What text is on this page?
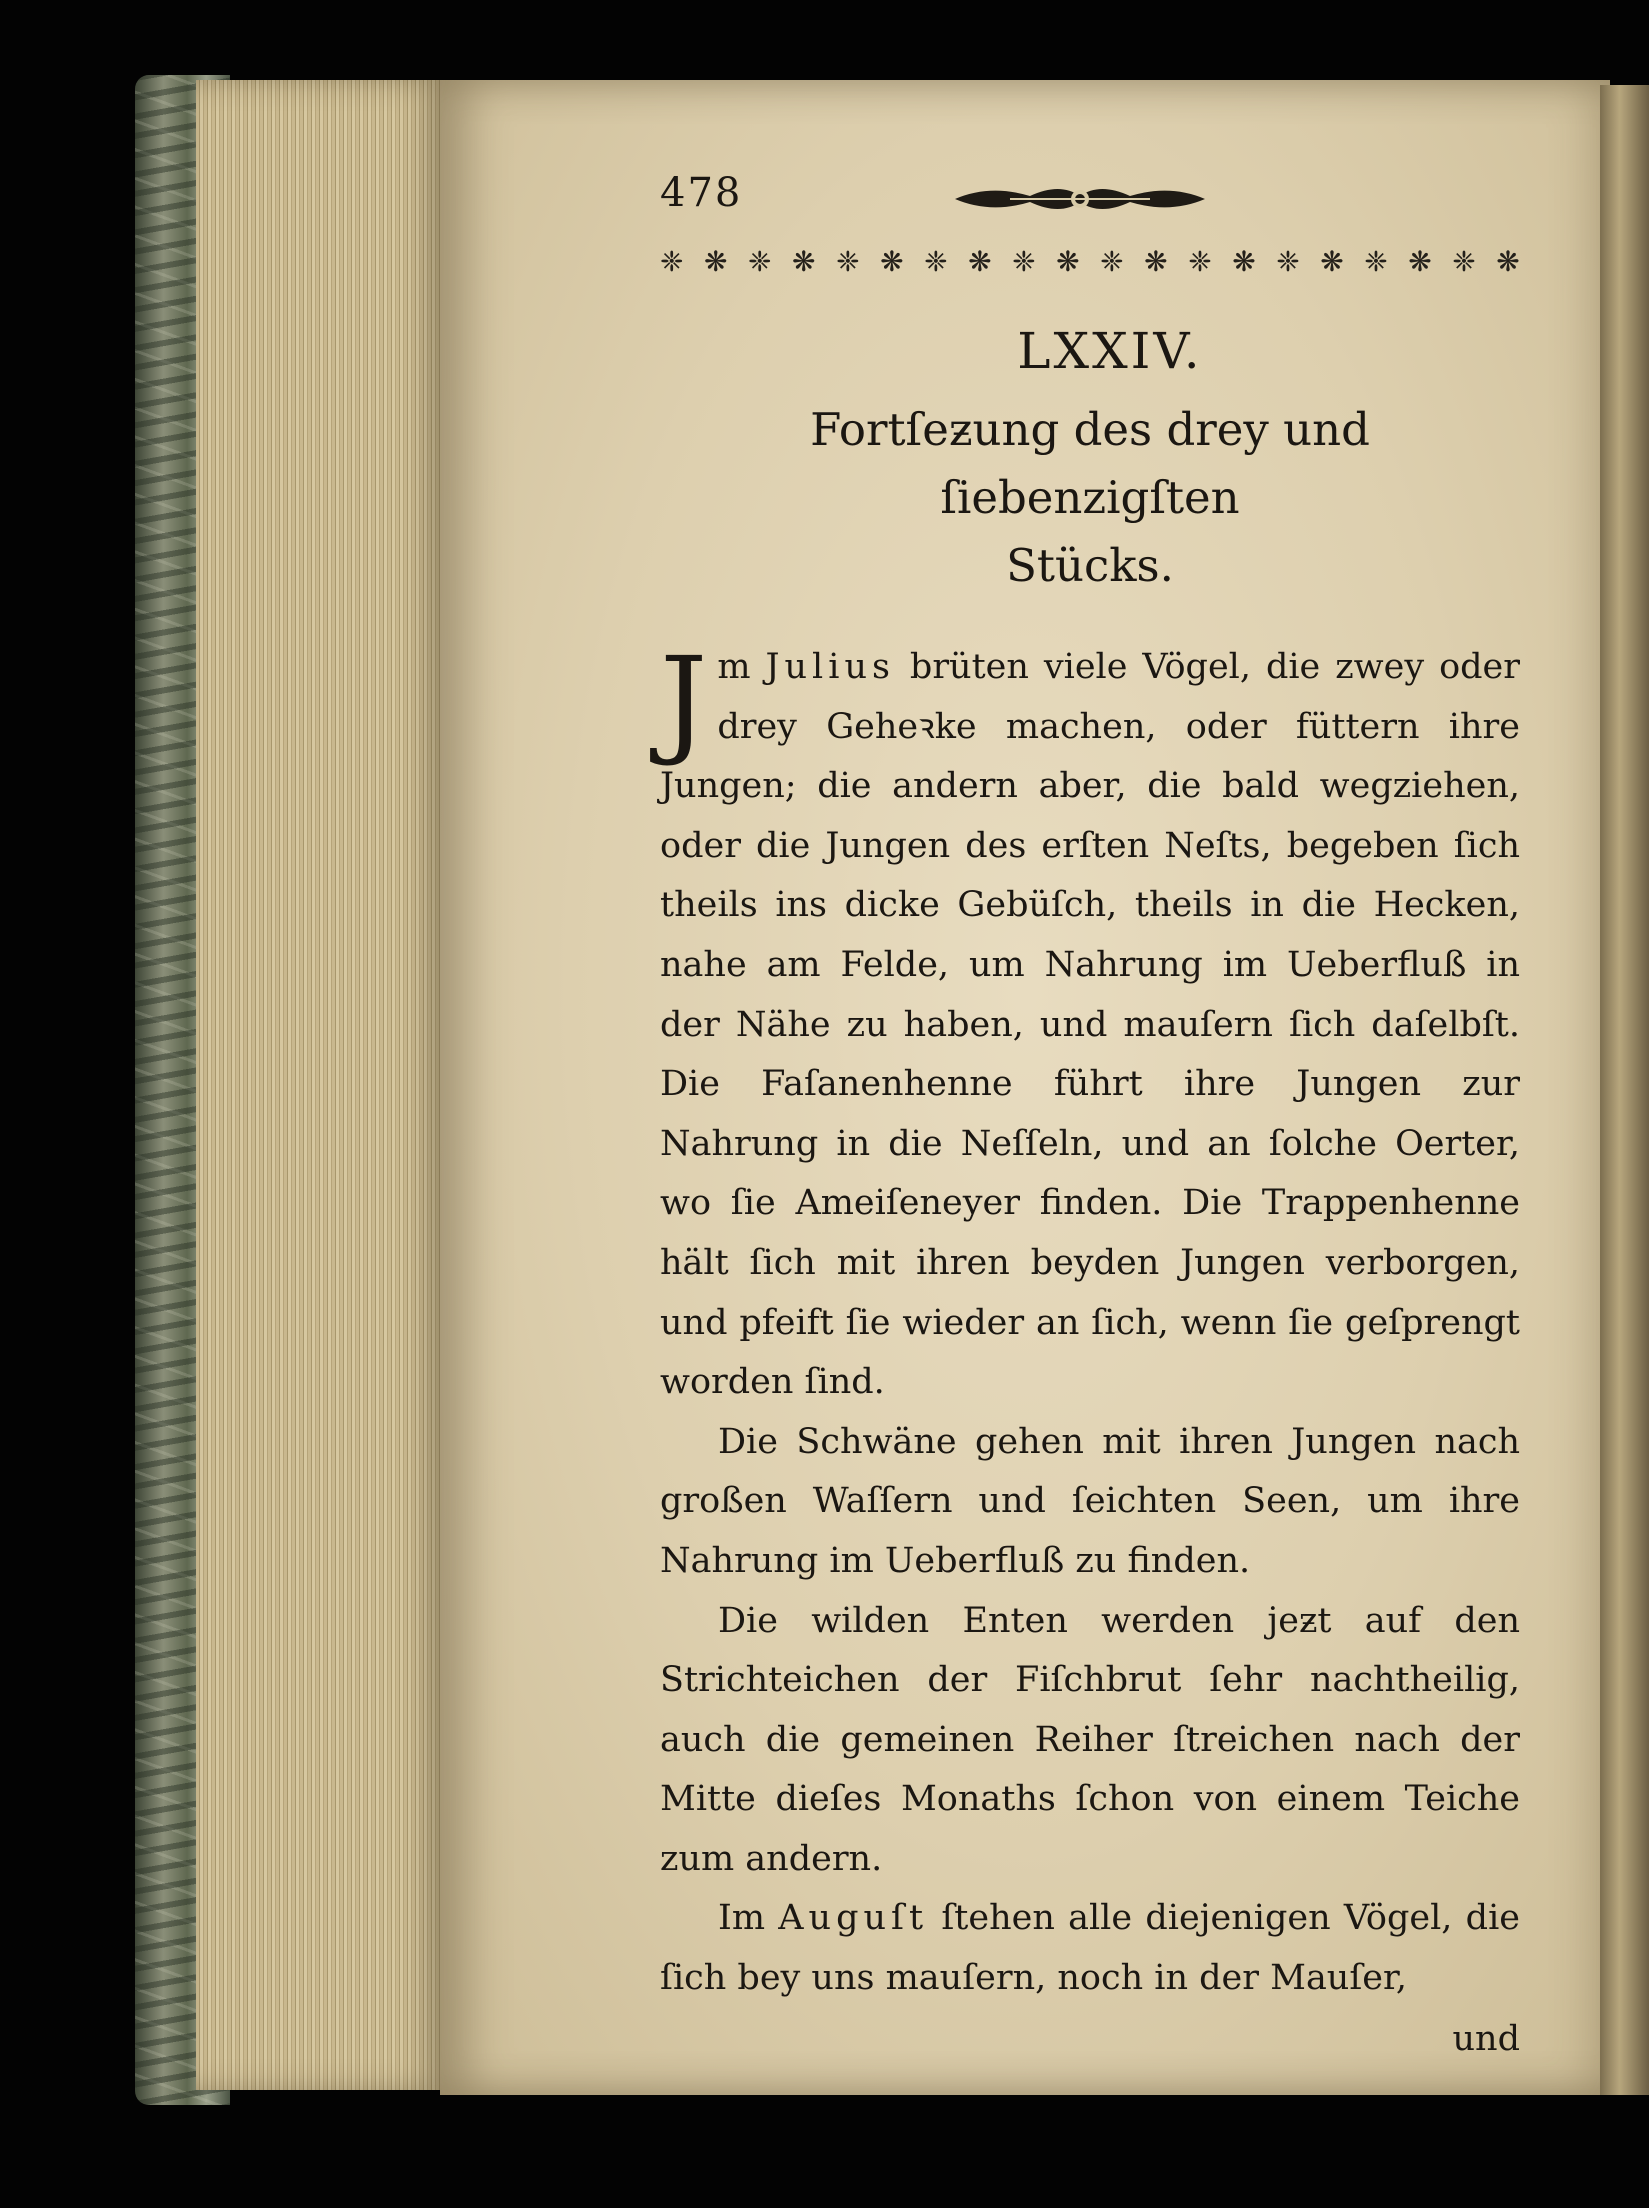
478
❈ ❋ ❈ ❋ ❈ ❋ ❈ ❋ ❈ ❋ ❈ ❋ ❈ ❋ ❈ ❋ ❈ ❋ ❈ ❋
LXXIV.
Fortſeƶung des drey und ſiebenzigſten
Stücks.

Jm Julius brüten viele Vögel, die zwey oder drey Geheꝛke machen, oder füttern ihre Jungen; die andern aber, die bald wegziehen, oder die Jungen des erſten Neſts, begeben ſich theils ins dicke Gebüſch, theils in die Hecken, nahe am Felde, um Nahrung im Ueberfluß in der Nähe zu haben, und mauſern ſich daſelbſt. Die Faſanenhenne führt ihre Jungen zur Nahrung in die Neſſeln, und an ſolche Oerter, wo ſie Ameiſeneyer finden. Die Trappenhenne hält ſich mit ihren beyden Jungen verborgen, und pfeift ſie wieder an ſich, wenn ſie geſprengt worden ſind.

Die Schwäne gehen mit ihren Jungen nach großen Waſſern und ſeichten Seen, um ihre Nahrung im Ueberfluß zu finden.

Die wilden Enten werden jeƶt auf den Strichteichen der Fiſchbrut ſehr nachtheilig, auch die gemeinen Reiher ſtreichen nach der Mitte dieſes Monaths ſchon von einem Teiche zum andern.

Im Auguſt ſtehen alle diejenigen Vögel, die ſich bey uns mauſern, noch in der Mauſer,

und
